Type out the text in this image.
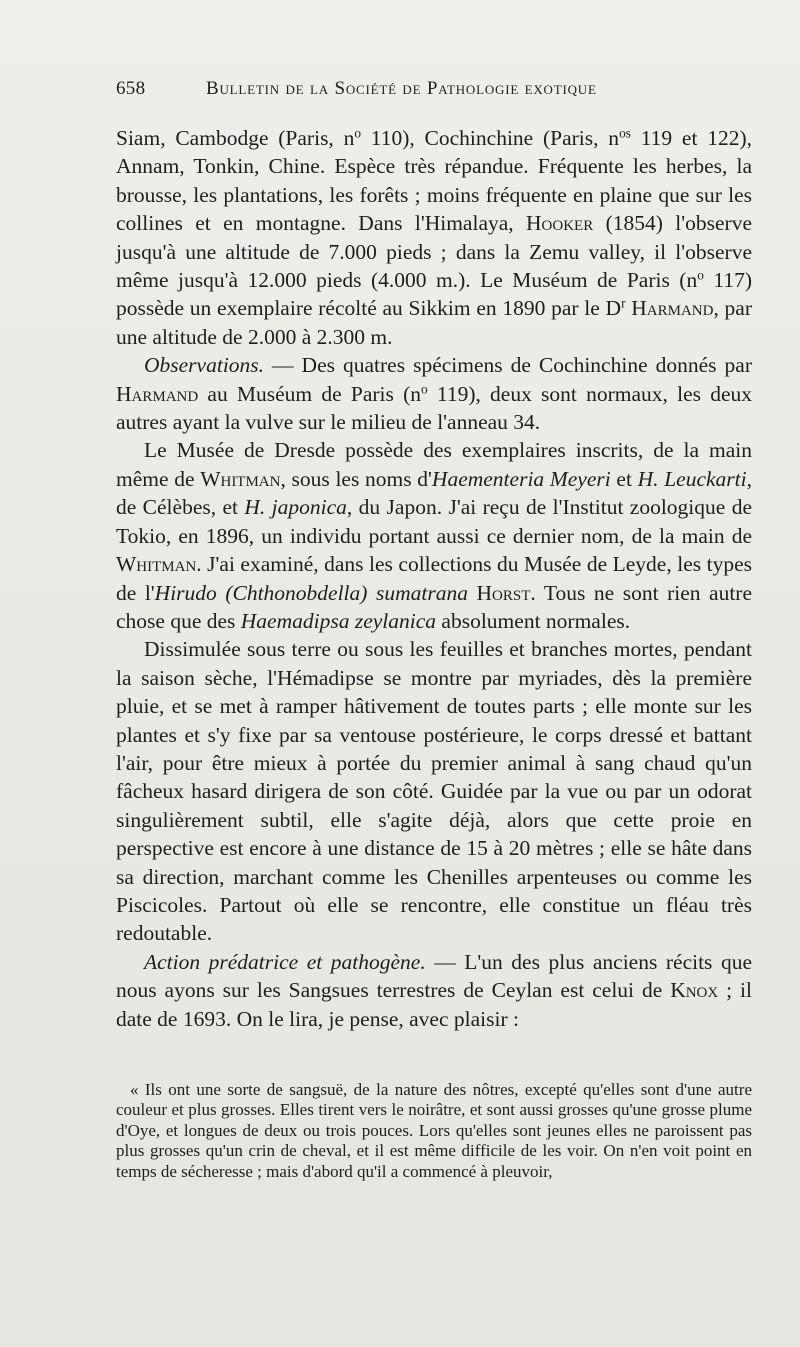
658	Bulletin de la Société de Pathologie exotique

Siam, Cambodge (Paris, $n^o$ 110), Cochinchine (Paris, $n^{os}$ 119 et 122), Annam, Tonkin, Chine. Espèce très répandue. Fréquente les herbes, la brousse, les plantations, les forêts ; moins fréquente en plaine que sur les collines et en montagne. Dans l'Himalaya, Hooker (1854) l'observe jusqu'à une altitude de 7.000 pieds ; dans la Zemu valley, il l'observe même jusqu'à 12.000 pieds (4.000 m.). Le Muséum de Paris ($n^o$ 117) possède un exemplaire récolté au Sikkim en 1890 par le $D^r$ Harmand, par une altitude de 2.000 à 2.300 m.

Observations. — Des quatres spécimens de Cochinchine donnés par Harmand au Muséum de Paris ($n^o$ 119), deux sont normaux, les deux autres ayant la vulve sur le milieu de l'anneau 34.

Le Musée de Dresde possède des exemplaires inscrits, de la main même de Whitman, sous les noms d'Haementeria Meyeri et H. Leuckarti, de Célèbes, et H. japonica, du Japon. J'ai reçu de l'Institut zoologique de Tokio, en 1896, un individu portant aussi ce dernier nom, de la main de Whitman. J'ai examiné, dans les collections du Musée de Leyde, les types de l'Hirudo (Chthonobdella) sumatrana Horst. Tous ne sont rien autre chose que des Haemadipsa zeylanica absolument normales.

Dissimulée sous terre ou sous les feuilles et branches mortes, pendant la saison sèche, l'Hémadipse se montre par myriades, dès la première pluie, et se met à ramper hâtivement de toutes parts ; elle monte sur les plantes et s'y fixe par sa ventouse postérieure, le corps dressé et battant l'air, pour être mieux à portée du premier animal à sang chaud qu'un fâcheux hasard dirigera de son côté. Guidée par la vue ou par un odorat singulièrement subtil, elle s'agite déjà, alors que cette proie en perspective est encore à une distance de 15 à 20 mètres ; elle se hâte dans sa direction, marchant comme les Chenilles arpenteuses ou comme les Piscicoles. Partout où elle se rencontre, elle constitue un fléau très redoutable.

Action prédatrice et pathogène. — L'un des plus anciens récits que nous ayons sur les Sangsues terrestres de Ceylan est celui de Knox ; il date de 1693. On le lira, je pense, avec plaisir :

« Ils ont une sorte de sangsuë, de la nature des nôtres, excepté qu'elles sont d'une autre couleur et plus grosses. Elles tirent vers le noirâtre, et sont aussi grosses qu'une grosse plume d'Oye, et longues de deux ou trois pouces. Lors qu'elles sont jeunes elles ne paroissent pas plus grosses qu'un crin de cheval, et il est même difficile de les voir. On n'en voit point en temps de sécheresse ; mais d'abord qu'il a commencé à pleuvoir,
